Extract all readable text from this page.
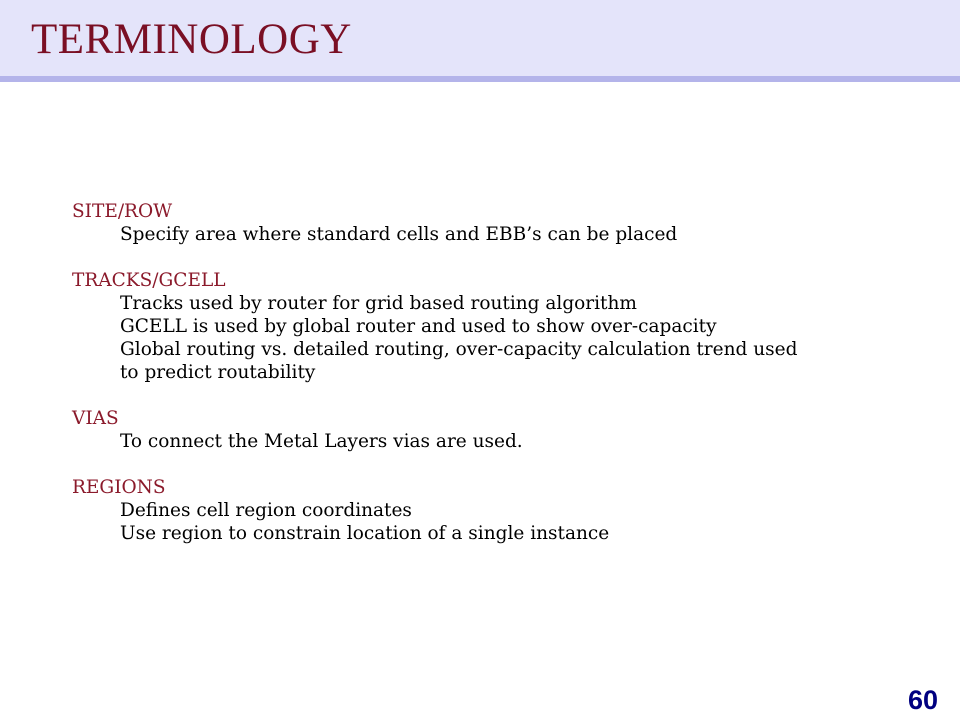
TERMINOLOGY
SITE/ROW
Specify area where standard cells and EBB’s can be placed
TRACKS/GCELL
Tracks used by router for grid based routing algorithm
GCELL is used by global router and used to show over-capacity
Global routing vs. detailed routing, over-capacity calculation trend used
to predict routability
VIAS
To connect the Metal Layers vias are used.
REGIONS
Defines cell region coordinates
Use region to constrain location of a single instance
60
